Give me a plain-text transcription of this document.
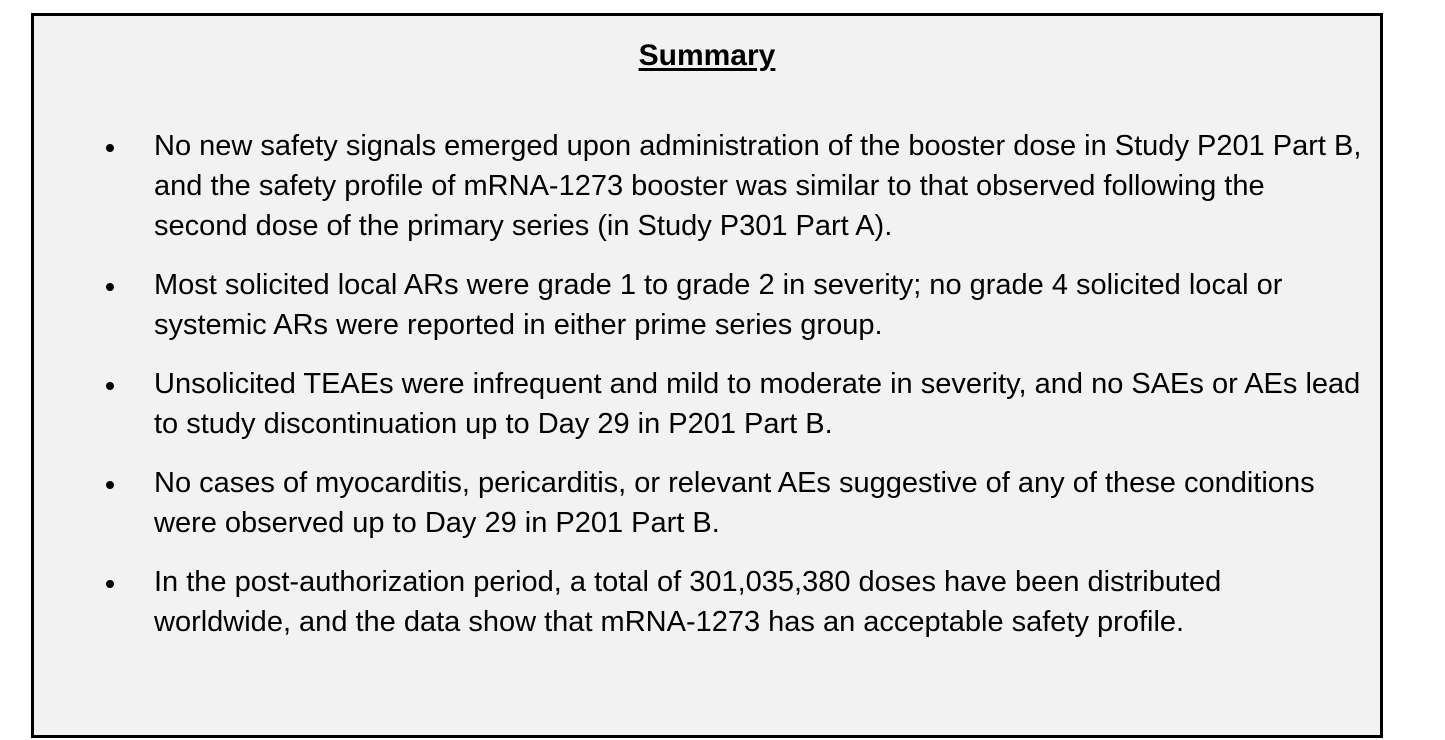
Summary
No new safety signals emerged upon administration of the booster dose in Study P201 Part B, and the safety profile of mRNA-1273 booster was similar to that observed following the second dose of the primary series (in Study P301 Part A).
Most solicited local ARs were grade 1 to grade 2 in severity; no grade 4 solicited local or systemic ARs were reported in either prime series group.
Unsolicited TEAEs were infrequent and mild to moderate in severity, and no SAEs or AEs lead to study discontinuation up to Day 29 in P201 Part B.
No cases of myocarditis, pericarditis, or relevant AEs suggestive of any of these conditions were observed up to Day 29 in P201 Part B.
In the post-authorization period, a total of 301,035,380 doses have been distributed worldwide, and the data show that mRNA-1273 has an acceptable safety profile.
